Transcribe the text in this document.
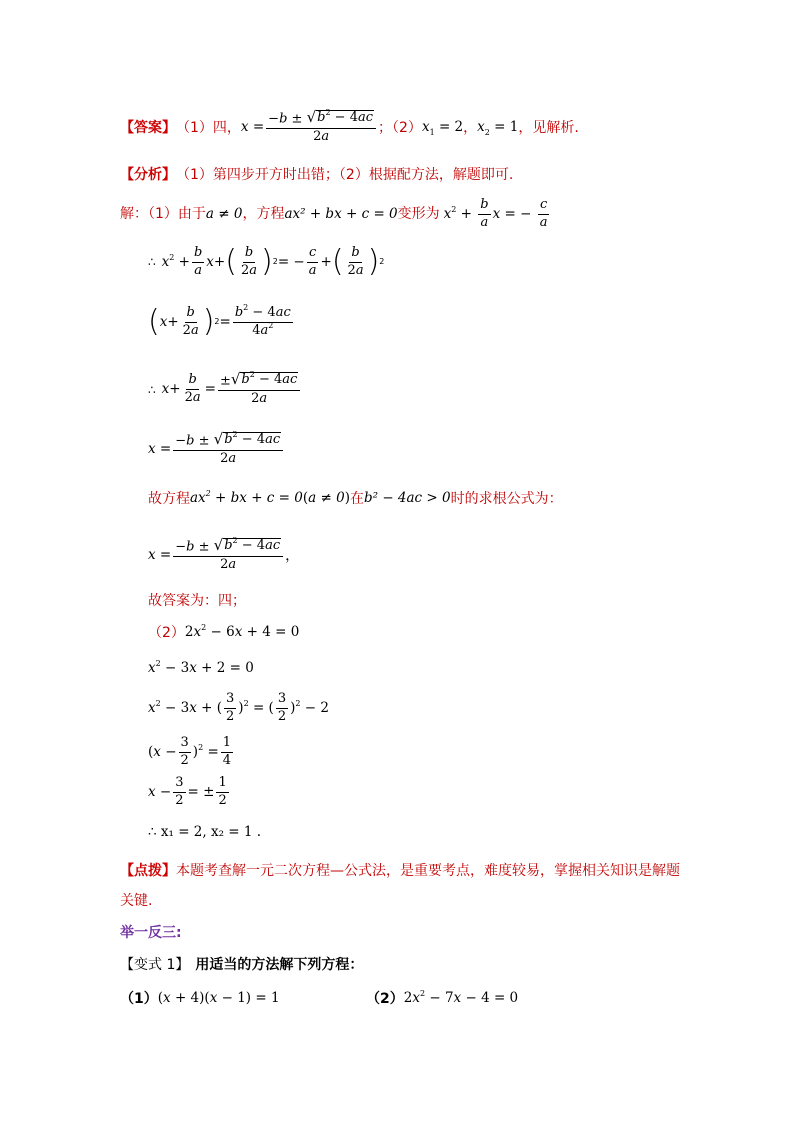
【答案】 （1）四， $x = \frac{-b \pm √ b^2 - 4ac}{2a}$ ；（2） $x_1 = 2$ ， $x_2 = 1$ ，见解析.
【分析】 （1）第四步开方时出错；（2）根据配方法，解题即可.
解：（1）由于 a ≠ 0 ，方程 ax² + bx + c = 0 变形为 $x^2 + \frac{b}{a}$ x = − $\frac{c}{a}$
∴ $x^2 + \frac{b}{a}$ x + ( $\frac{b}{2a}$ ) 2 = − $\frac{c}{a}$ + ( $\frac{b}{2a}$ ) 2
( $x + \frac{b}{2a}$ ) $2 = \frac{b^2 - 4ac}{4a^2}$
∴ $x + \frac{b}{2a} = \frac{\pm √ b^2 - 4ac}{2a}$
$x = \frac{-b \pm √ b^2 - 4ac}{2a}$
故方程 $ax^2$ + bx + c = 0(a ≠ 0) 在 b² − 4ac > 0 时的求根公式为：
$x = \frac{-b \pm √ b^2 - 4ac}{2a}$ ，
故答案为：四；
（2） $2x^2 - 6x + 4 = 0$
$x^2 - 3x + 2 = 0$
$x^2 - 3x$ + ( $\frac{3}{2} )^2$ = ( $\frac{3}{2} )^2 - 2$
$(x - \frac{3}{2} )^2 = \frac{1}{4}$
$x - \frac{3}{2}$ = ± $\frac{1}{2}$
∴ x₁ = 2, x₂ = 1 .
【点拨】 本题考查解一元二次方程—公式法，是重要考点，难度较易，掌握相关知识是解题
关键.
举一反三:
【变式 1】 用适当的方法解下列方程：
（1） (x + 4)(x − 1) = 1	（2） $2x^2 - 7x - 4 = 0$
